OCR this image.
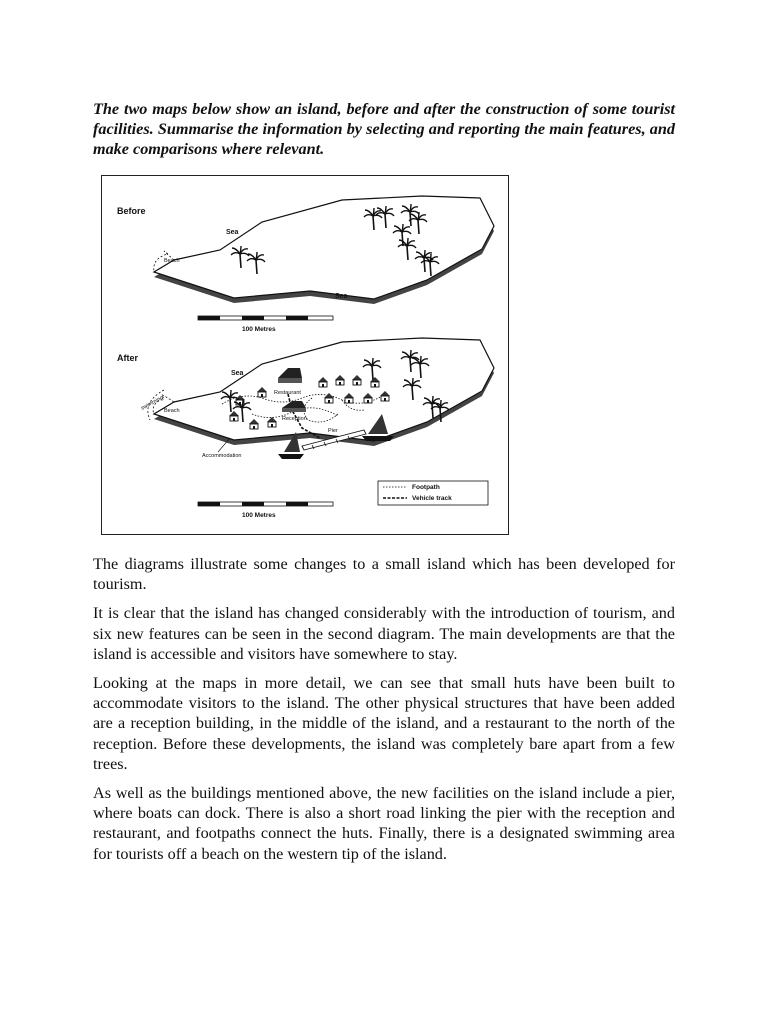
The two maps below show an island, before and after the construction of some tourist facilities. Summarise the information by selecting and reporting the main features, and make comparisons where relevant.

Before
Sea
Sea
Beach
100 Metres
After
Sea
swimming Beach
Restaurant
Reception
Pier
Accommodation
Footpath
Vehicle track
100 Metres

The diagrams illustrate some changes to a small island which has been developed for tourism.

It is clear that the island has changed considerably with the introduction of tourism, and six new features can be seen in the second diagram. The main developments are that the island is accessible and visitors have somewhere to stay.

Looking at the maps in more detail, we can see that small huts have been built to accommodate visitors to the island. The other physical structures that have been added are a reception building, in the middle of the island, and a restaurant to the north of the reception. Before these developments, the island was completely bare apart from a few trees.

As well as the buildings mentioned above, the new facilities on the island include a pier, where boats can dock. There is also a short road linking the pier with the reception and restaurant, and footpaths connect the huts. Finally, there is a designated swimming area for tourists off a beach on the western tip of the island.
